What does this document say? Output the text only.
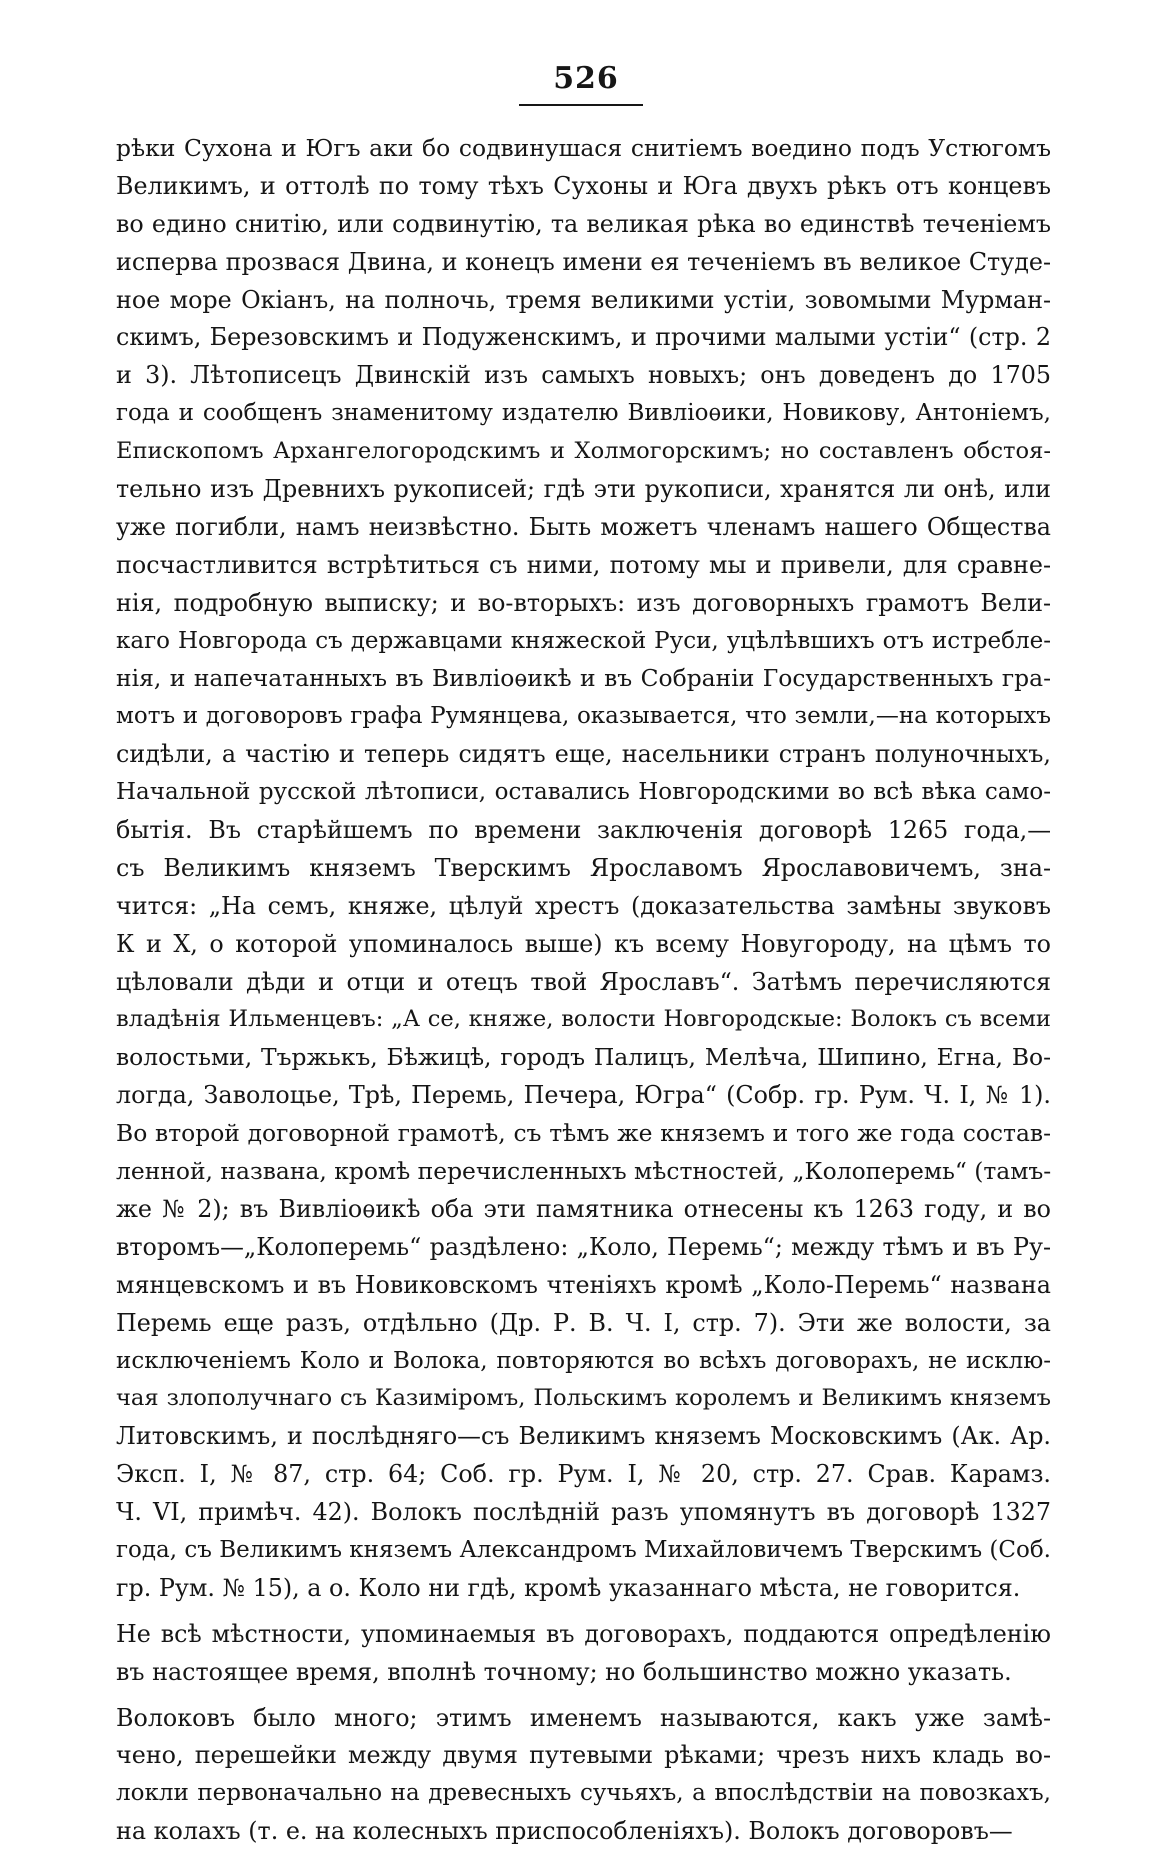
526
рѣки Сухона и Югъ аки бо содвинушася снитіемъ воедино подъ Устюгомъ
Великимъ, и оттолѣ по тому тѣхъ Сухоны и Юга двухъ рѣкъ отъ концевъ
во едино снитію, или содвинутію, та великая рѣка во единствѣ теченіемъ
исперва прозвася Двина, и конецъ имени ея теченіемъ въ великое Студе-
ное море Окіанъ, на полночь, тремя великими устіи, зовомыми Мурман-
скимъ, Березовскимъ и Подуженскимъ, и прочими малыми устіи“ (стр. 2
и 3). Лѣтописецъ Двинскій изъ самыхъ новыхъ; онъ доведенъ до 1705
года и сообщенъ знаменитому издателю Вивліоѳики, Новикову, Антоніемъ,
Епископомъ Архангелогородскимъ и Холмогорскимъ; но составленъ обстоя-
тельно изъ Древнихъ рукописей; гдѣ эти рукописи, хранятся ли онѣ, или
уже погибли, намъ неизвѣстно. Быть можетъ членамъ нашего Общества
посчастливится встрѣтиться съ ними, потому мы и привели, для сравне-
нія, подробную выписку; и во-вторыхъ: изъ договорныхъ грамотъ Вели-
каго Новгорода съ державцами княжеской Руси, уцѣлѣвшихъ отъ истребле-
нія, и напечатанныхъ въ Вивліоѳикѣ и въ Собраніи Государственныхъ гра-
мотъ и договоровъ графа Румянцева, оказывается, что земли,—на которыхъ
сидѣли, а частію и теперь сидятъ еще, насельники странъ полуночныхъ,
Начальной русской лѣтописи, оставались Новгородскими во всѣ вѣка само-
бытія. Въ старѣйшемъ по времени заключенія договорѣ 1265 года,—
съ Великимъ княземъ Тверскимъ Ярославомъ Ярославовичемъ, зна-
чится: „На семъ, княже, цѣлуй хрестъ (доказательства замѣны звуковъ
К и Х, о которой упоминалось выше) къ всему Новугороду, на цѣмъ то
цѣловали дѣди и отци и отецъ твой Ярославъ“. Затѣмъ перечисляются
владѣнія Ильменцевъ: „А се, княже, волости Новгородскые: Волокъ съ всеми
волостьми, Тържькъ, Бѣжицѣ, городъ Палицъ, Мелѣча, Шипино, Егна, Во-
логда, Заволоцье, Трѣ, Перемь, Печера, Югра“ (Собр. гр. Рум. Ч. I, № 1).
Во второй договорной грамотѣ, съ тѣмъ же княземъ и того же года состав-
ленной, названа, кромѣ перечисленныхъ мѣстностей, „Колоперемь“ (тамъ-
же № 2); въ Вивліоѳикѣ оба эти памятника отнесены къ 1263 году, и во
второмъ—„Колоперемь“ раздѣлено: „Коло, Перемь“; между тѣмъ и въ Ру-
мянцевскомъ и въ Новиковскомъ чтеніяхъ кромѣ „Коло-Перемь“ названа
Перемь еще разъ, отдѣльно (Др. Р. В. Ч. I, стр. 7). Эти же волости, за
исключеніемъ Коло и Волока, повторяются во всѣхъ договорахъ, не исклю-
чая злополучнаго съ Казиміромъ, Польскимъ королемъ и Великимъ княземъ
Литовскимъ, и послѣдняго—съ Великимъ княземъ Московскимъ (Ак. Ар.
Эксп. I, № 87, стр. 64; Соб. гр. Рум. I, № 20, стр. 27. Срав. Карамз.
Ч. VI, примѣч. 42). Волокъ послѣдній разъ упомянутъ въ договорѣ 1327
года, съ Великимъ княземъ Александромъ Михайловичемъ Тверскимъ (Соб.
гр. Рум. № 15), а о. Коло ни гдѣ, кромѣ указаннаго мѣста, не говорится.
Не всѣ мѣстности, упоминаемыя въ договорахъ, поддаются опредѣленію
въ настоящее время, вполнѣ точному; но большинство можно указать.
Волоковъ было много; этимъ именемъ называются, какъ уже замѣ-
чено, перешейки между двумя путевыми рѣками; чрезъ нихъ кладь во-
локли первоначально на древесныхъ сучьяхъ, а впослѣдствіи на повозкахъ,
на колахъ (т. е. на колесныхъ приспособленіяхъ). Волокъ договоровъ—
